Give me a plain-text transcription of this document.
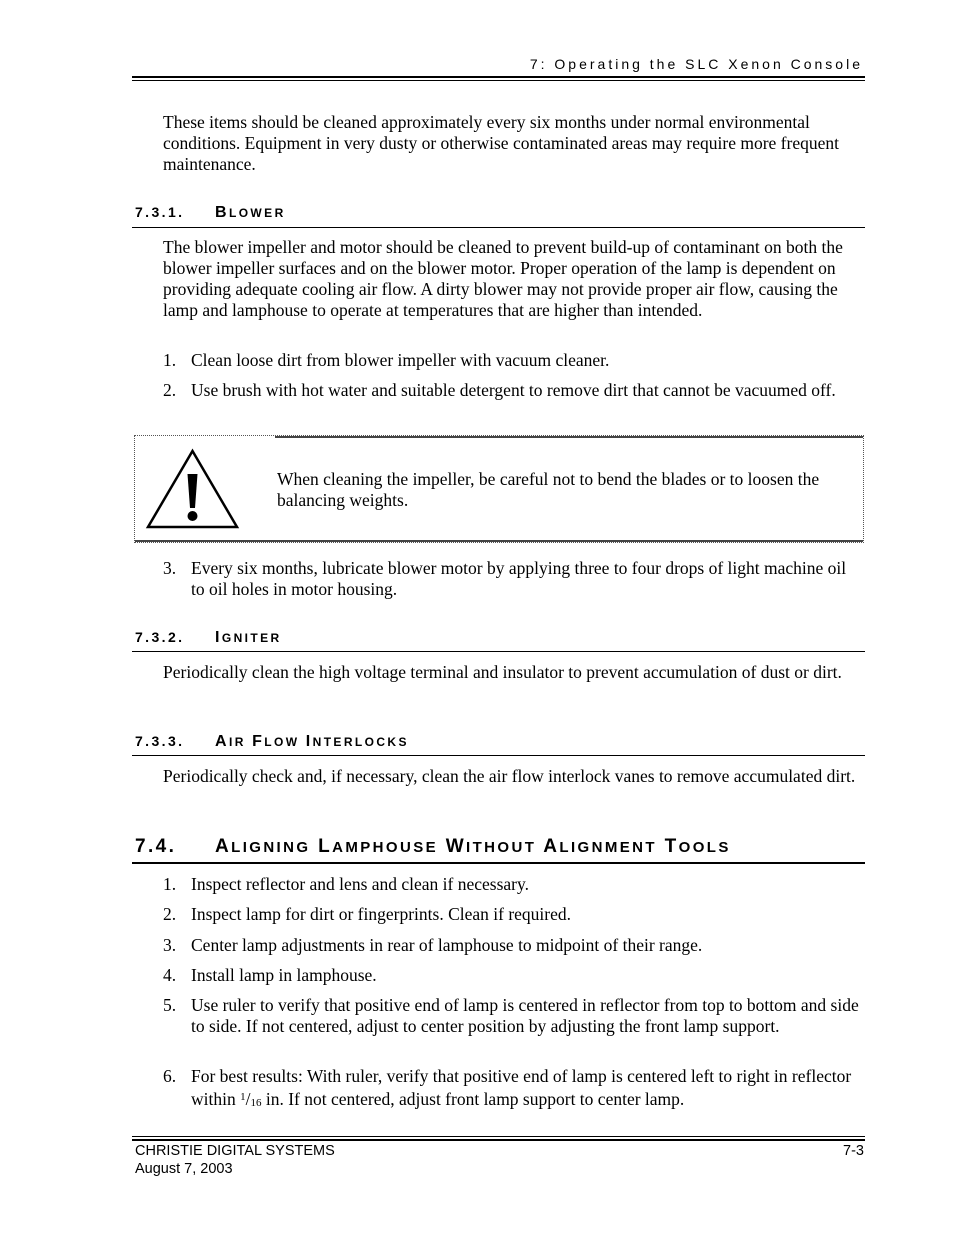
7: Operating the SLC Xenon Console

These items should be cleaned approximately every six months under normal environmental conditions. Equipment in very dusty or otherwise contaminated areas may require more frequent maintenance.

7.3.1. BLOWER

The blower impeller and motor should be cleaned to prevent build-up of contaminant on both the blower impeller surfaces and on the blower motor. Proper operation of the lamp is dependent on providing adequate cooling air flow. A dirty blower may not provide proper air flow, causing the lamp and lamphouse to operate at temperatures that are higher than intended.

1. Clean loose dirt from blower impeller with vacuum cleaner.
2. Use brush with hot water and suitable detergent to remove dirt that cannot be vacuumed off.
When cleaning the impeller, be careful not to bend the blades or to loosen the balancing weights.
3. Every six months, lubricate blower motor by applying three to four drops of light machine oil to oil holes in motor housing.
7.3.2. IGNITER

Periodically clean the high voltage terminal and insulator to prevent accumulation of dust or dirt.

7.3.3. AIR FLOW INTERLOCKS

Periodically check and, if necessary, clean the air flow interlock vanes to remove accumulated dirt.

7.4. ALIGNING LAMPHOUSE WITHOUT ALIGNMENT TOOLS
1. Inspect reflector and lens and clean if necessary.
2. Inspect lamp for dirt or fingerprints. Clean if required.
3. Center lamp adjustments in rear of lamphouse to midpoint of their range.
4. Install lamp in lamphouse.
5. Use ruler to verify that positive end of lamp is centered in reflector from top to bottom and side to side. If not centered, adjust to center position by adjusting the front lamp support.
6. For best results: With ruler, verify that positive end of lamp is centered left to right in reflector within $^1/_{16}$ in. If not centered, adjust front lamp support to center lamp.
CHRISTIE DIGITAL SYSTEMS
August 7, 2003
7-3
